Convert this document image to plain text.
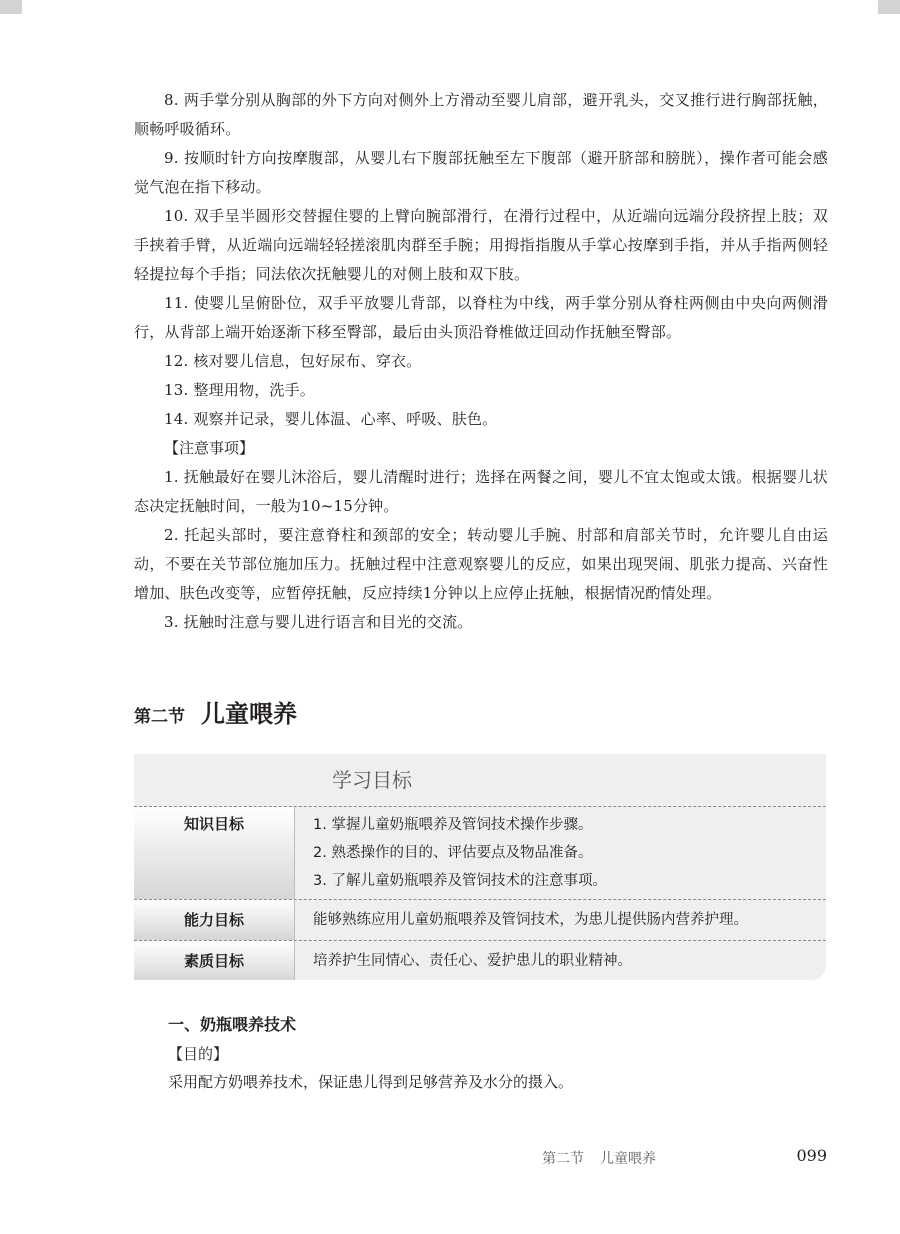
8. 两手掌分别从胸部的外下方向对侧外上方滑动至婴儿肩部，避开乳头，交叉推行进行胸部抚触，顺畅呼吸循环。

9. 按顺时针方向按摩腹部，从婴儿右下腹部抚触至左下腹部（避开脐部和膀胱），操作者可能会感觉气泡在指下移动。

10. 双手呈半圆形交替握住婴的上臂向腕部滑行，在滑行过程中，从近端向远端分段挤捏上肢；双手挟着手臂，从近端向远端轻轻搓滚肌肉群至手腕；用拇指指腹从手掌心按摩到手指，并从手指两侧轻轻提拉每个手指；同法依次抚触婴儿的对侧上肢和双下肢。

11. 使婴儿呈俯卧位，双手平放婴儿背部，以脊柱为中线，两手掌分别从脊柱两侧由中央向两侧滑行，从背部上端开始逐渐下移至臀部，最后由头顶沿脊椎做迂回动作抚触至臀部。

12. 核对婴儿信息，包好尿布、穿衣。

13. 整理用物，洗手。

14. 观察并记录，婴儿体温、心率、呼吸、肤色。

【注意事项】

1. 抚触最好在婴儿沐浴后，婴儿清醒时进行；选择在两餐之间，婴儿不宜太饱或太饿。根据婴儿状态决定抚触时间，一般为10~15分钟。

2. 托起头部时，要注意脊柱和颈部的安全；转动婴儿手腕、肘部和肩部关节时，允许婴儿自由运动，不要在关节部位施加压力。抚触过程中注意观察婴儿的反应，如果出现哭闹、肌张力提高、兴奋性增加、肤色改变等，应暂停抚触，反应持续1分钟以上应停止抚触，根据情况酌情处理。

3. 抚触时注意与婴儿进行语言和目光的交流。

第二节 儿童喂养
学习目标
知识目标	1. 掌握儿童奶瓶喂养及管饲技术操作步骤。
2. 熟悉操作的目的、评估要点及物品准备。
3. 了解儿童奶瓶喂养及管饲技术的注意事项。
能力目标	能够熟练应用儿童奶瓶喂养及管饲技术，为患儿提供肠内营养护理。
素质目标	培养护生同情心、责任心、爱护患儿的职业精神。

一、奶瓶喂养技术

【目的】

采用配方奶喂养技术，保证患儿得到足够营养及水分的摄入。

第二节 儿童喂养	099
